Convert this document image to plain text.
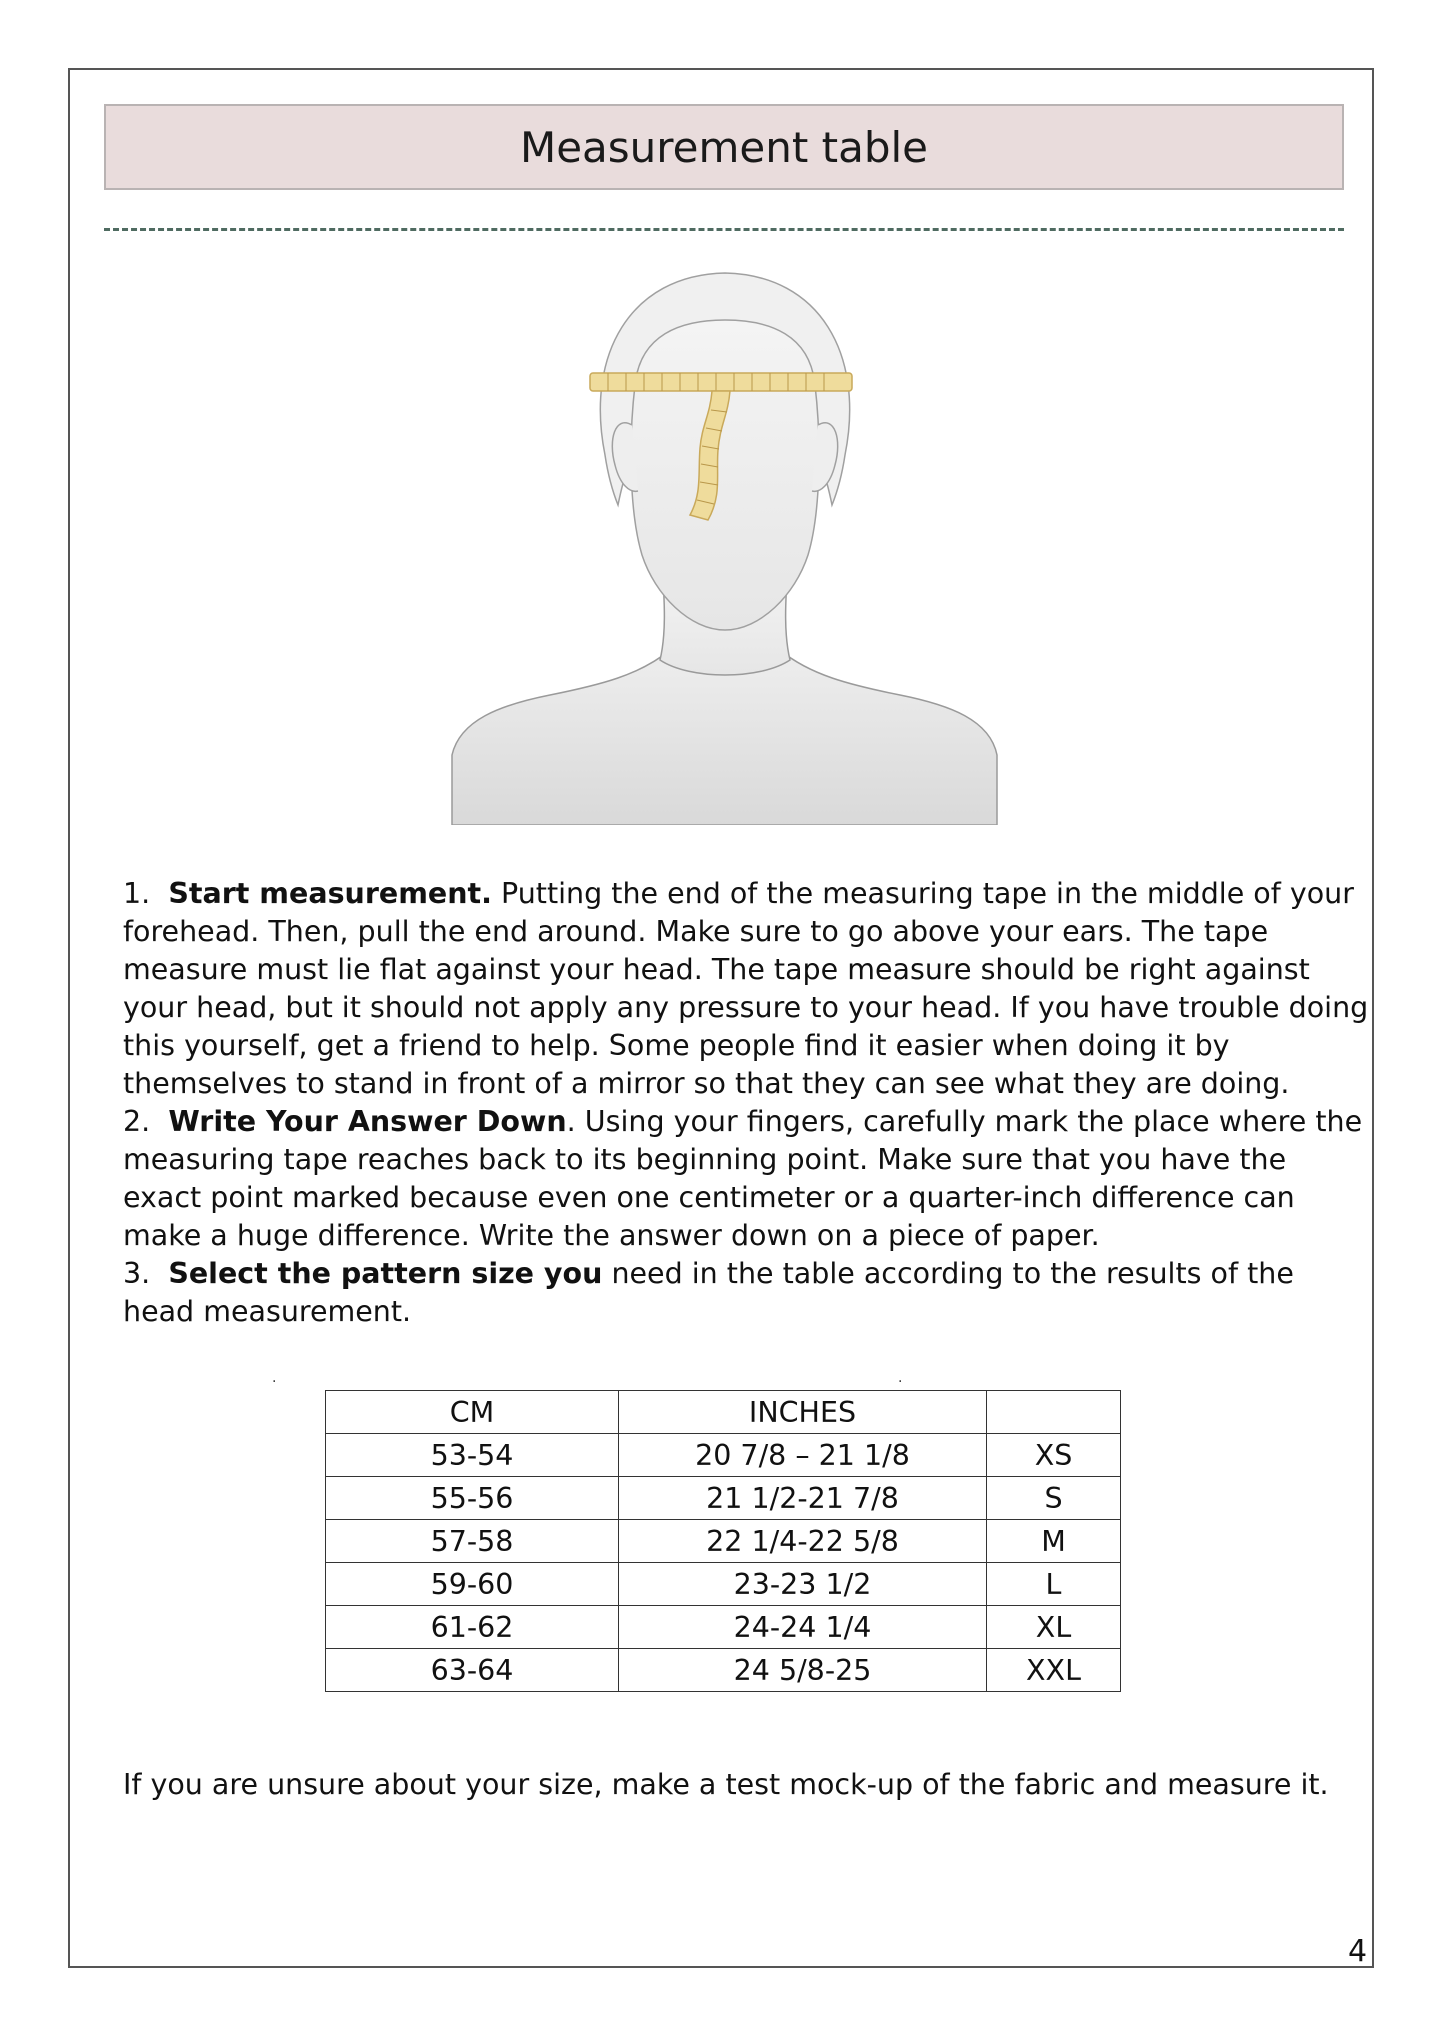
Measurement table

1. Start measurement. Putting the end of the measuring tape in the middle of your forehead. Then, pull the end around. Make sure to go above your ears. The tape measure must lie flat against your head. The tape measure should be right against your head, but it should not apply any pressure to your head. If you have trouble doing this yourself, get a friend to help. Some people find it easier when doing it by themselves to stand in front of a mirror so that they can see what they are doing.

2. Write Your Answer Down. Using your fingers, carefully mark the place where the measuring tape reaches back to its beginning point. Make sure that you have the exact point marked because even one centimeter or a quarter-inch difference can make a huge difference. Write the answer down on a piece of paper.

3. Select the pattern size you need in the table according to the results of the head measurement.

.	.
CM	INCHES	
53-54	20 7/8 – 21 1/8	XS
55-56	21 1/2-21 7/8	S
57-58	22 1/4-22 5/8	M
59-60	23-23 1/2	L
61-62	24-24 1/4	XL
63-64	24 5/8-25	XXL

If you are unsure about your size, make a test mock-up of the fabric and measure it.

4
